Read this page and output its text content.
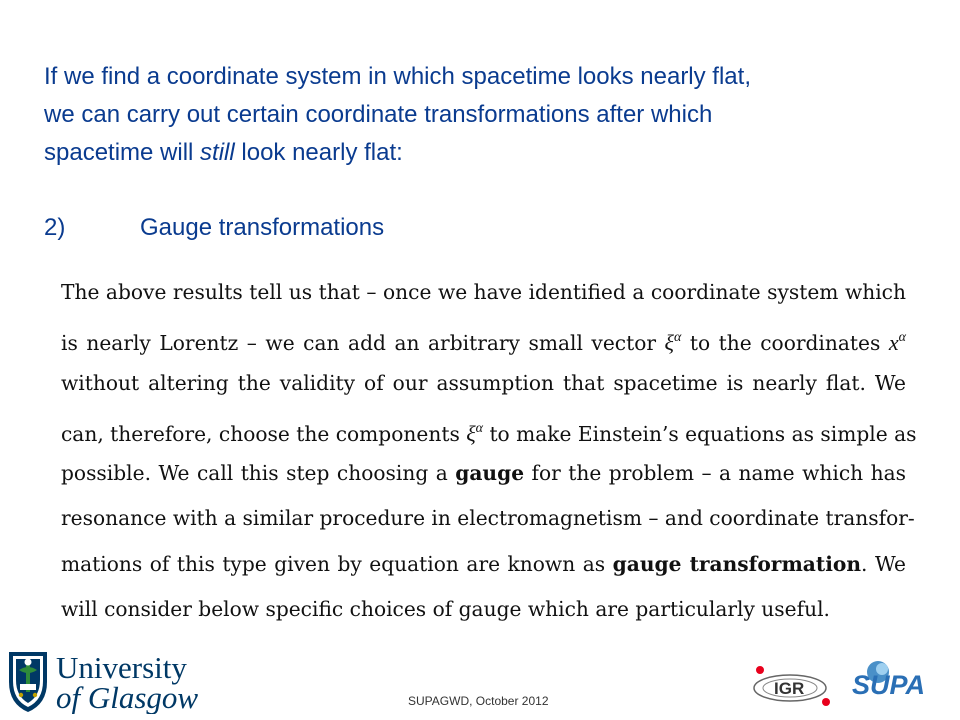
If we find a coordinate system in which spacetime looks nearly flat,

we can carry out certain coordinate transformations after which

spacetime will still look nearly flat:

2)	Gauge transformations
The above results tell us that – once we have identified a coordinate system which
is nearly Lorentz – we can add an arbitrary small vector $\xi^\alpha$ to the coordinates $x^\alpha$
without altering the validity of our assumption that spacetime is nearly flat. We
can, therefore, choose the components $\xi^\alpha$ to make Einstein’s equations as simple as
possible. We call this step choosing a gauge for the problem – a name which has
resonance with a similar procedure in electromagnetism – and coordinate transfor-
mations of this type given by equation are known as gauge transformation. We
will consider below specific choices of gauge which are particularly useful.
University
of Glasgow	IGR SUPA
SUPAGWD, October 2012
